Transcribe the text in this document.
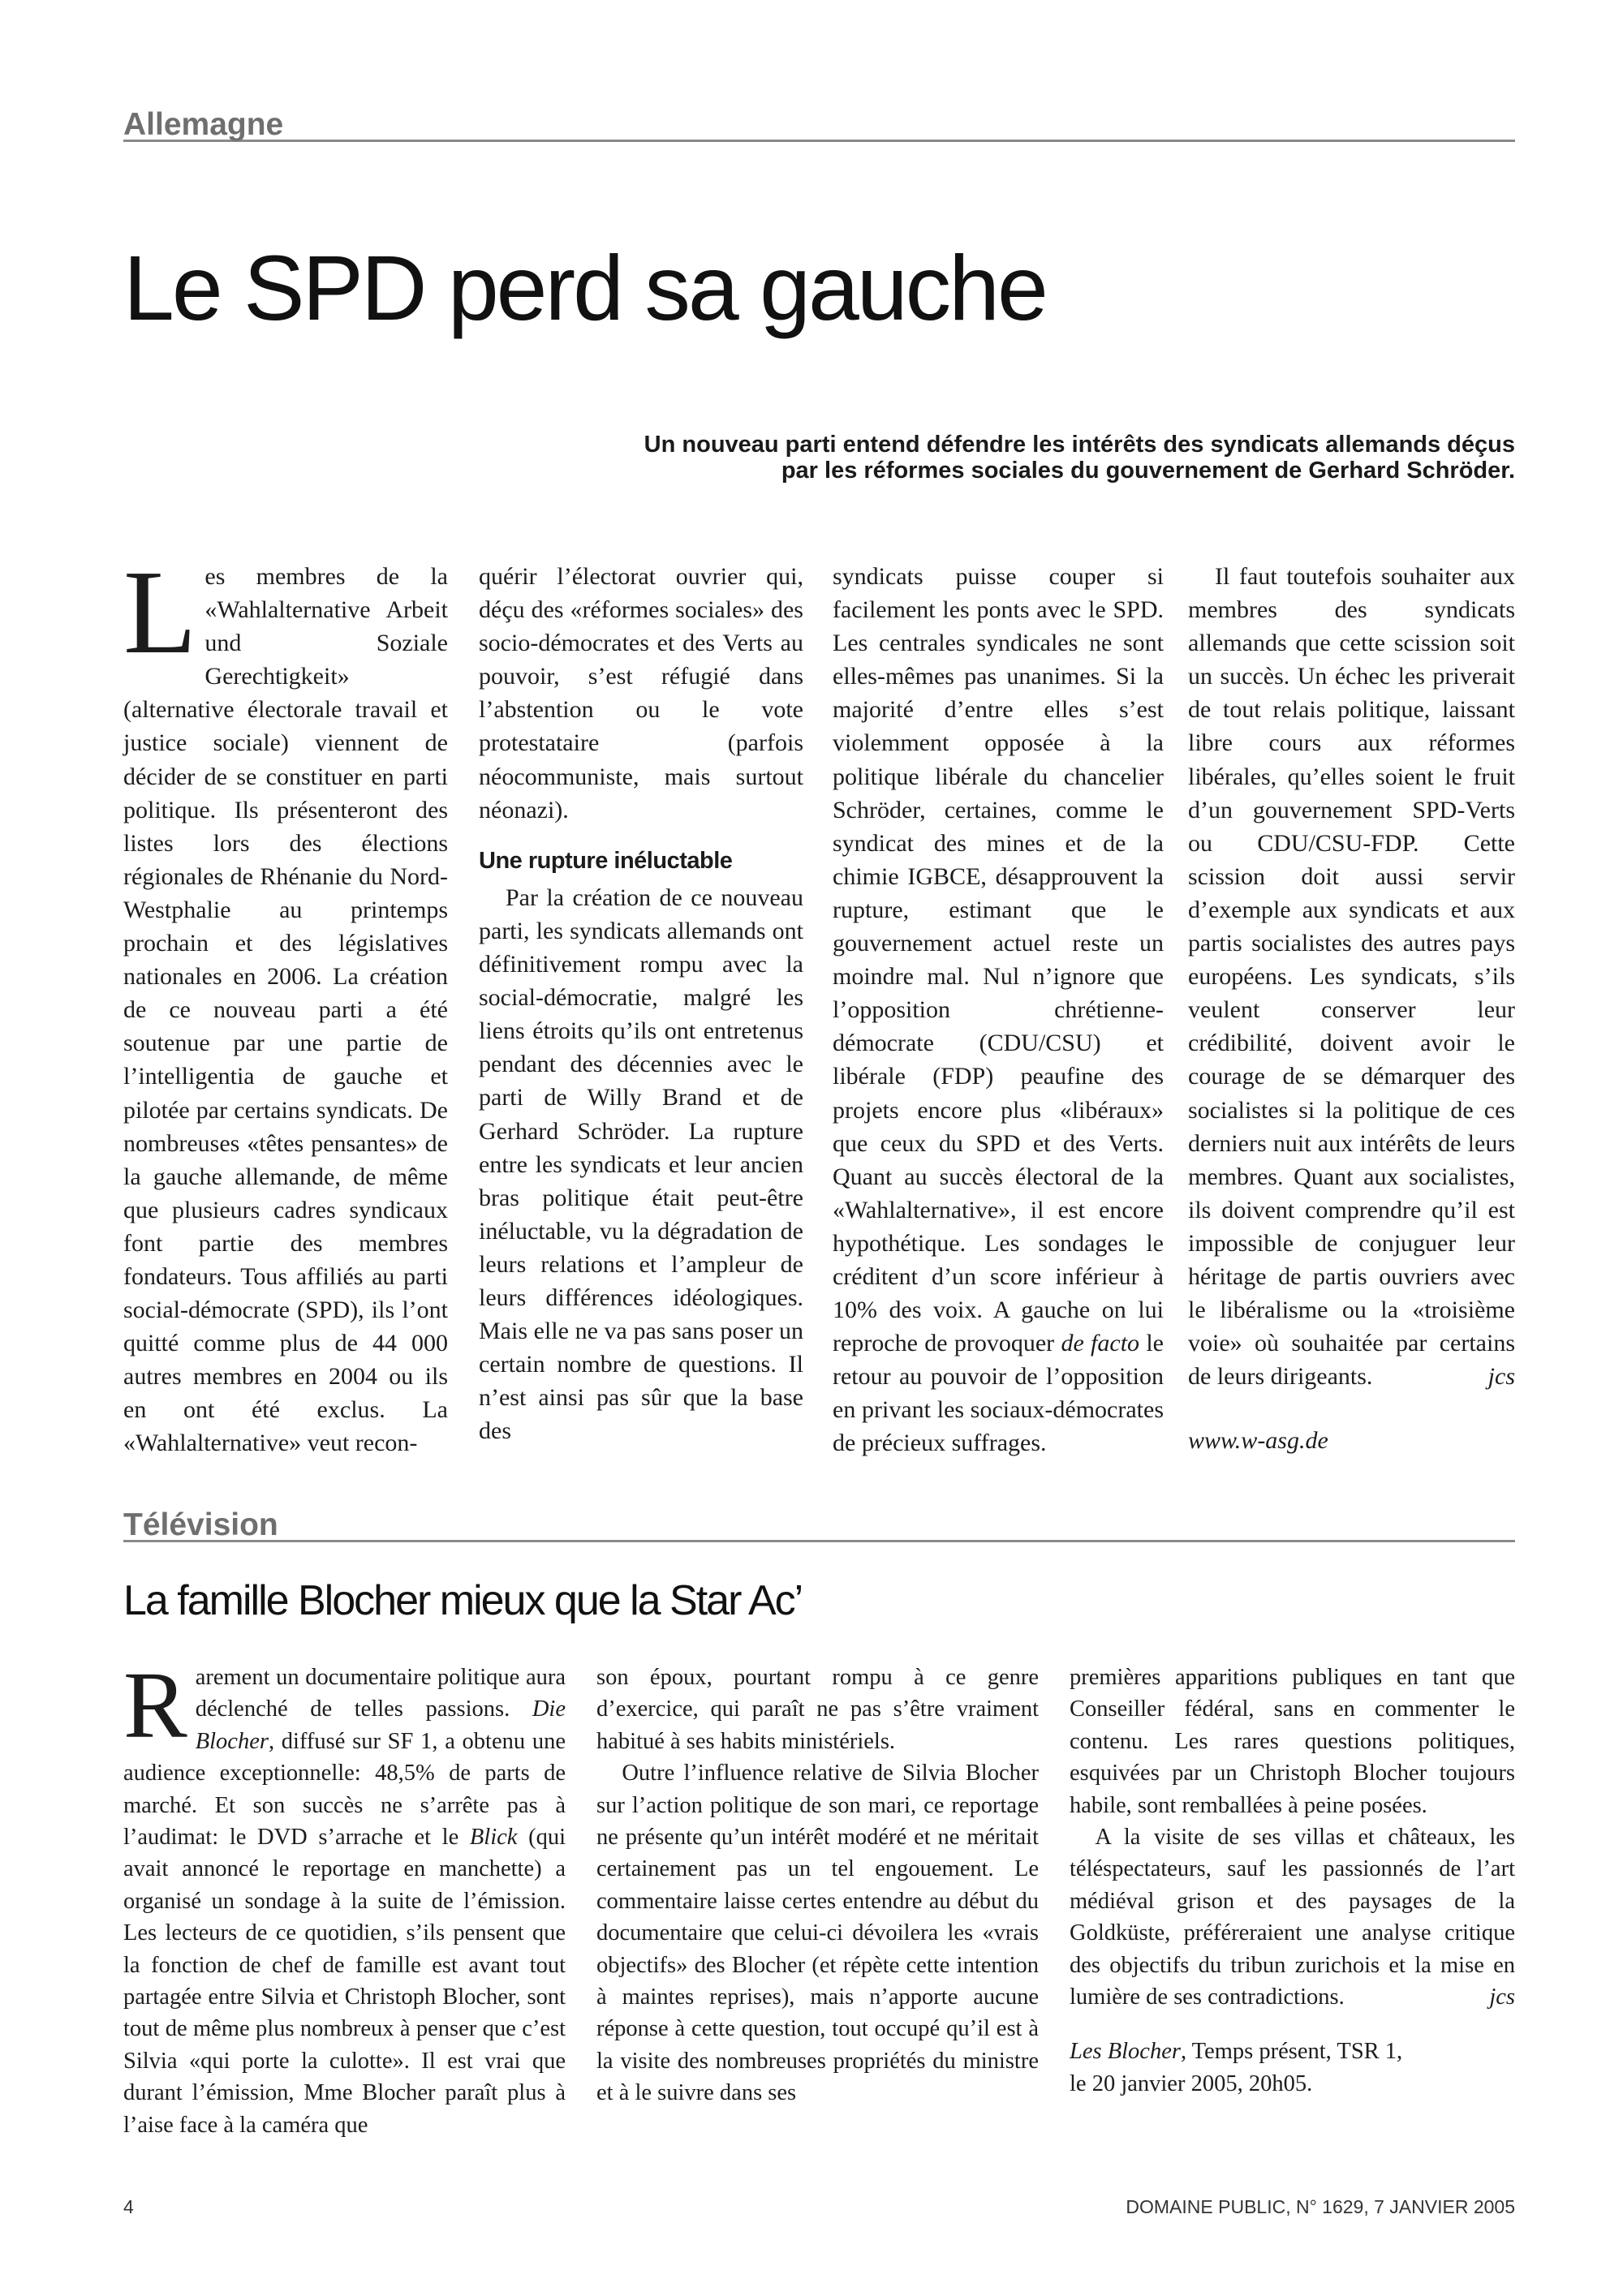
Allemagne
Le SPD perd sa gauche
Un nouveau parti entend défendre les intérêts des syndicats allemands déçus
par les réformes sociales du gouvernement de Gerhard Schröder.

Les membres de la «Wahlalternative Arbeit und Soziale Gerechtigkeit» (alternative électorale travail et justice sociale) viennent de décider de se constituer en parti politique. Ils présenteront des listes lors des élections régionales de Rhénanie du Nord-Westphalie au printemps prochain et des législatives nationales en 2006. La création de ce nouveau parti a été soutenue par une partie de l’intelligentia de gauche et pilotée par certains syndicats. De nombreuses «têtes pensantes» de la gauche allemande, de même que plusieurs cadres syndicaux font partie des membres fondateurs. Tous affiliés au parti social-démocrate (SPD), ils l’ont quitté comme plus de 44 000 autres membres en 2004 ou ils en ont été exclus. La «Wahlalternative» veut recon-

quérir l’électorat ouvrier qui, déçu des «réformes sociales» des socio-démocrates et des Verts au pouvoir, s’est réfugié dans l’abstention ou le vote protestataire (parfois néocommuniste, mais surtout néonazi).

Une rupture inéluctable

Par la création de ce nouveau parti, les syndicats allemands ont définitivement rompu avec la social-démocratie, malgré les liens étroits qu’ils ont entretenus pendant des décennies avec le parti de Willy Brand et de Gerhard Schröder. La rupture entre les syndicats et leur ancien bras politique était peut-être inéluctable, vu la dégradation de leurs relations et l’ampleur de leurs différences idéologiques. Mais elle ne va pas sans poser un certain nombre de questions. Il n’est ainsi pas sûr que la base des

syndicats puisse couper si facilement les ponts avec le SPD. Les centrales syndicales ne sont elles-mêmes pas unanimes. Si la majorité d’entre elles s’est violemment opposée à la politique libérale du chancelier Schröder, certaines, comme le syndicat des mines et de la chimie IGBCE, désapprouvent la rupture, estimant que le gouvernement actuel reste un moindre mal. Nul n’ignore que l’opposition chrétienne-démocrate (CDU/CSU) et libérale (FDP) peaufine des projets encore plus «libéraux» que ceux du SPD et des Verts. Quant au succès électoral de la «Wahlalternative», il est encore hypothétique. Les sondages le créditent d’un score inférieur à 10% des voix. A gauche on lui reproche de provoquer de facto le retour au pouvoir de l’opposition en privant les sociaux-démocrates de précieux suffrages.

Il faut toutefois souhaiter aux membres des syndicats allemands que cette scission soit un succès. Un échec les priverait de tout relais politique, laissant libre cours aux réformes libérales, qu’elles soient le fruit d’un gouvernement SPD-Verts ou CDU/CSU-FDP. Cette scission doit aussi servir d’exemple aux syndicats et aux partis socialistes des autres pays européens. Les syndicats, s’ils veulent conserver leur crédibilité, doivent avoir le courage de se démarquer des socialistes si la politique de ces derniers nuit aux intérêts de leurs membres. Quant aux socialistes, ils doivent comprendre qu’il est impossible de conjuguer leur héritage de partis ouvriers avec le libéralisme ou la «troisième voie» où souhaitée par certains de leurs dirigeants.	jcs

www.w-asg.de

Télévision
La famille Blocher mieux que la Star Ac’

Rarement un documentaire politique aura déclenché de telles passions. Die Blocher, diffusé sur SF 1, a obtenu une audience exceptionnelle: 48,5% de parts de marché. Et son succès ne s’arrête pas à l’audimat: le DVD s’arrache et le Blick (qui avait annoncé le reportage en manchette) a organisé un sondage à la suite de l’émission. Les lecteurs de ce quotidien, s’ils pensent que la fonction de chef de famille est avant tout partagée entre Silvia et Christoph Blocher, sont tout de même plus nombreux à penser que c’est Silvia «qui porte la culotte». Il est vrai que durant l’émission, Mme Blocher paraît plus à l’aise face à la caméra que

son époux, pourtant rompu à ce genre d’exercice, qui paraît ne pas s’être vraiment habitué à ses habits ministériels.

Outre l’influence relative de Silvia Blocher sur l’action politique de son mari, ce reportage ne présente qu’un intérêt modéré et ne méritait certainement pas un tel engouement. Le commentaire laisse certes entendre au début du documentaire que celui-ci dévoilera les «vrais objectifs» des Blocher (et répète cette intention à maintes reprises), mais n’apporte aucune réponse à cette question, tout occupé qu’il est à la visite des nombreuses propriétés du ministre et à le suivre dans ses

premières apparitions publiques en tant que Conseiller fédéral, sans en commenter le contenu. Les rares questions politiques, esquivées par un Christoph Blocher toujours habile, sont remballées à peine posées.

A la visite de ses villas et châteaux, les téléspectateurs, sauf les passionnés de l’art médiéval grison et des paysages de la Goldküste, préféreraient une analyse critique des objectifs du tribun zurichois et la mise en lumière de ses contradictions.	jcs

Les Blocher, Temps présent, TSR 1,

le 20 janvier 2005, 20h05.

4	DOMAINE PUBLIC, N° 1629, 7 JANVIER 2005
